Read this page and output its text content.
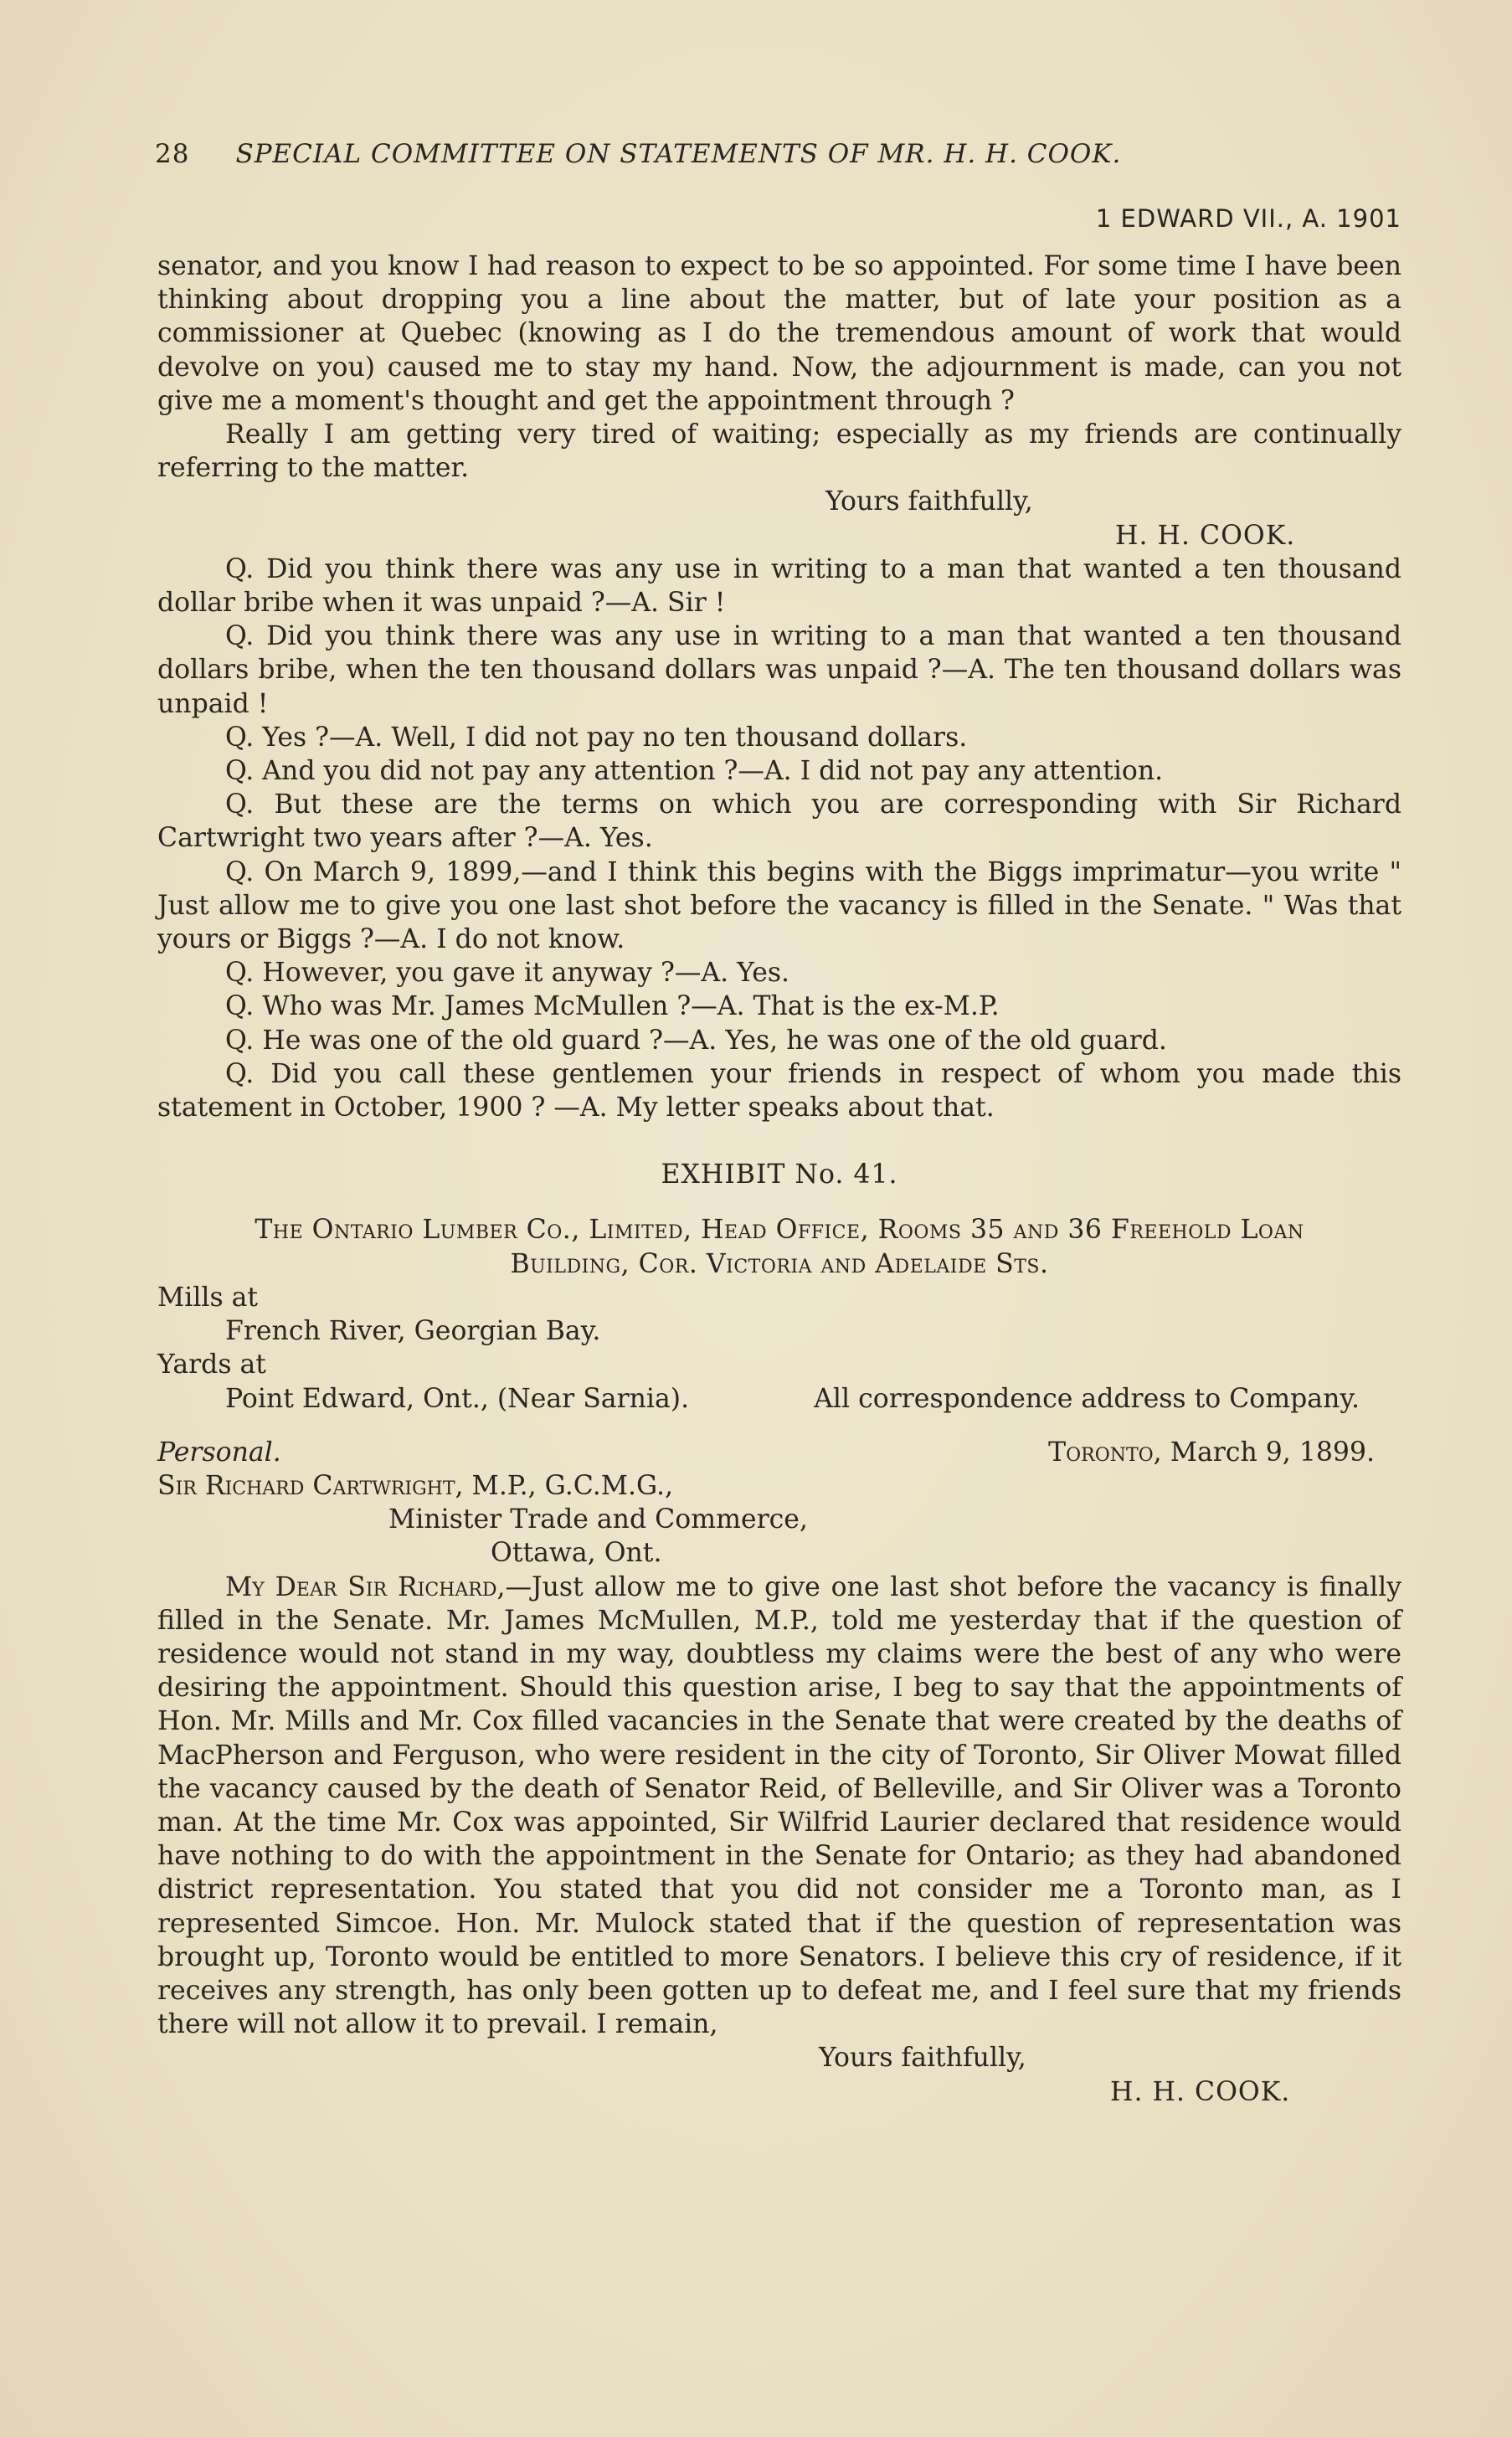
28 SPECIAL COMMITTEE ON STATEMENTS OF MR. H. H. COOK.
1 EDWARD VII., A. 1901

senator, and you know I had reason to expect to be so appointed. For some time I have been thinking about dropping you a line about the matter, but of late your position as a commissioner at Quebec (knowing as I do the tremendous amount of work that would devolve on you) caused me to stay my hand. Now, the adjournment is made, can you not give me a moment's thought and get the appointment through ?

Really I am getting very tired of waiting; especially as my friends are continually referring to the matter.

Yours faithfully,
H. H. COOK.

Q. Did you think there was any use in writing to a man that wanted a ten thousand dollar bribe when it was unpaid ?—A. Sir !

Q. Did you think there was any use in writing to a man that wanted a ten thousand dollars bribe, when the ten thousand dollars was unpaid ?—A. The ten thousand dollars was unpaid !

Q. Yes ?—A. Well, I did not pay no ten thousand dollars.

Q. And you did not pay any attention ?—A. I did not pay any attention.

Q. But these are the terms on which you are corresponding with Sir Richard Cartwright two years after ?—A. Yes.

Q. On March 9, 1899,—and I think this begins with the Biggs imprimatur—you write " Just allow me to give you one last shot before the vacancy is filled in the Senate. " Was that yours or Biggs ?—A. I do not know.

Q. However, you gave it anyway ?—A. Yes.

Q. Who was Mr. James McMullen ?—A. That is the ex-M.P.

Q. He was one of the old guard ?—A. Yes, he was one of the old guard.

Q. Did you call these gentlemen your friends in respect of whom you made this statement in October, 1900 ? —A. My letter speaks about that.

EXHIBIT No. 41.
The Ontario Lumber Co., Limited, Head Office, Rooms 35 and 36 Freehold Loan
Building, Cor. Victoria and Adelaide Sts.
Mills at
French River, Georgian Bay.
Yards at
Point Edward, Ont., (Near Sarnia).	All correspondence address to Company.
Personal.	Toronto, March 9, 1899.
Sir Richard Cartwright, M.P., G.C.M.G.,
Minister Trade and Commerce,
Ottawa, Ont.

My Dear Sir Richard,—Just allow me to give one last shot before the vacancy is finally filled in the Senate. Mr. James McMullen, M.P., told me yesterday that if the question of residence would not stand in my way, doubtless my claims were the best of any who were desiring the appointment. Should this question arise, I beg to say that the appointments of Hon. Mr. Mills and Mr. Cox filled vacancies in the Senate that were created by the deaths of MacPherson and Ferguson, who were resident in the city of Toronto, Sir Oliver Mowat filled the vacancy caused by the death of Senator Reid, of Belleville, and Sir Oliver was a Toronto man. At the time Mr. Cox was appointed, Sir Wilfrid Laurier declared that residence would have nothing to do with the appointment in the Senate for Ontario; as they had abandoned district representation. You stated that you did not consider me a Toronto man, as I represented Simcoe. Hon. Mr. Mulock stated that if the question of representation was brought up, Toronto would be entitled to more Senators. I believe this cry of residence, if it receives any strength, has only been gotten up to defeat me, and I feel sure that my friends there will not allow it to prevail. I remain,

Yours faithfully,
H. H. COOK.
